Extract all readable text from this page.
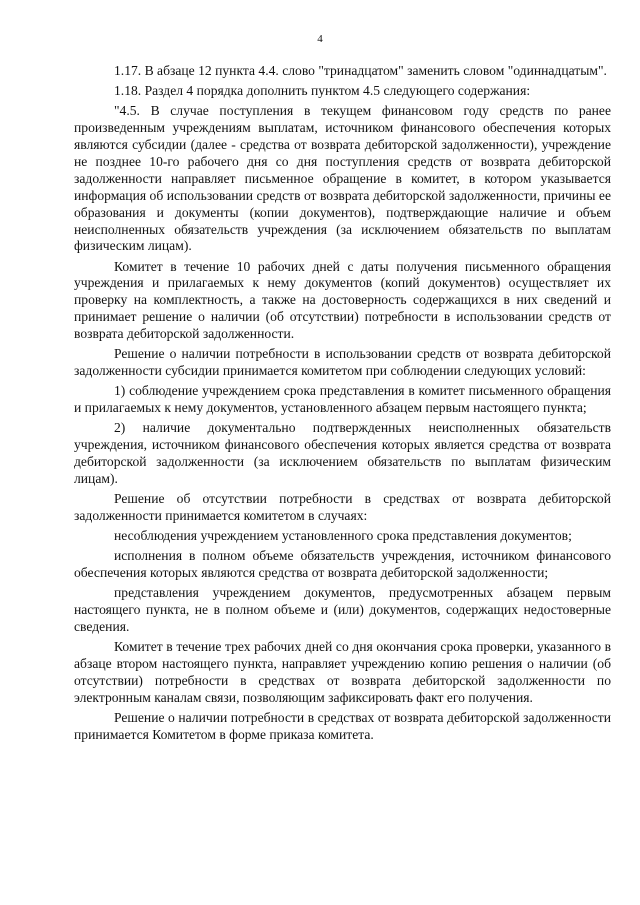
4

1.17. В абзаце 12 пункта 4.4. слово "тринадцатом" заменить словом "одиннадцатым".

1.18. Раздел 4 порядка дополнить пунктом 4.5 следующего содержания:

"4.5. В случае поступления в текущем финансовом году средств по ранее произведенным учреждениям выплатам, источником финансового обеспечения которых являются субсидии (далее - средства от возврата дебиторской задолженности), учреждение не позднее 10-го рабочего дня со дня поступления средств от возврата дебиторской задолженности направляет письменное обращение в комитет, в котором указывается информация об использовании средств от возврата дебиторской задолженности, причины ее образования и документы (копии документов), подтверждающие наличие и объем неисполненных обязательств учреждения (за исключением обязательств по выплатам физическим лицам).

Комитет в течение 10 рабочих дней с даты получения письменного обращения учреждения и прилагаемых к нему документов (копий документов) осуществляет их проверку на комплектность, а также на достоверность содержащихся в них сведений и принимает решение о наличии (об отсутствии) потребности в использовании средств от возврата дебиторской задолженности.

Решение о наличии потребности в использовании средств от возврата дебиторской задолженности субсидии принимается комитетом при соблюдении следующих условий:

1) соблюдение учреждением срока представления в комитет письменного обращения и прилагаемых к нему документов, установленного абзацем первым настоящего пункта;

2) наличие документально подтвержденных неисполненных обязательств учреждения, источником финансового обеспечения которых является средства от возврата дебиторской задолженности (за исключением обязательств по выплатам физическим лицам).

Решение об отсутствии потребности в средствах от возврата дебиторской задолженности принимается комитетом в случаях:

несоблюдения учреждением установленного срока представления документов;

исполнения в полном объеме обязательств учреждения, источником финансового обеспечения которых являются средства от возврата дебиторской задолженности;

представления учреждением документов, предусмотренных абзацем первым настоящего пункта, не в полном объеме и (или) документов, содержащих недостоверные сведения.

Комитет в течение трех рабочих дней со дня окончания срока проверки, указанного в абзаце втором настоящего пункта, направляет учреждению копию решения о наличии (об отсутствии) потребности в средствах от возврата дебиторской задолженности по электронным каналам связи, позволяющим зафиксировать факт его получения.

Решение о наличии потребности в средствах от возврата дебиторской задолженности принимается Комитетом в форме приказа комитета.
